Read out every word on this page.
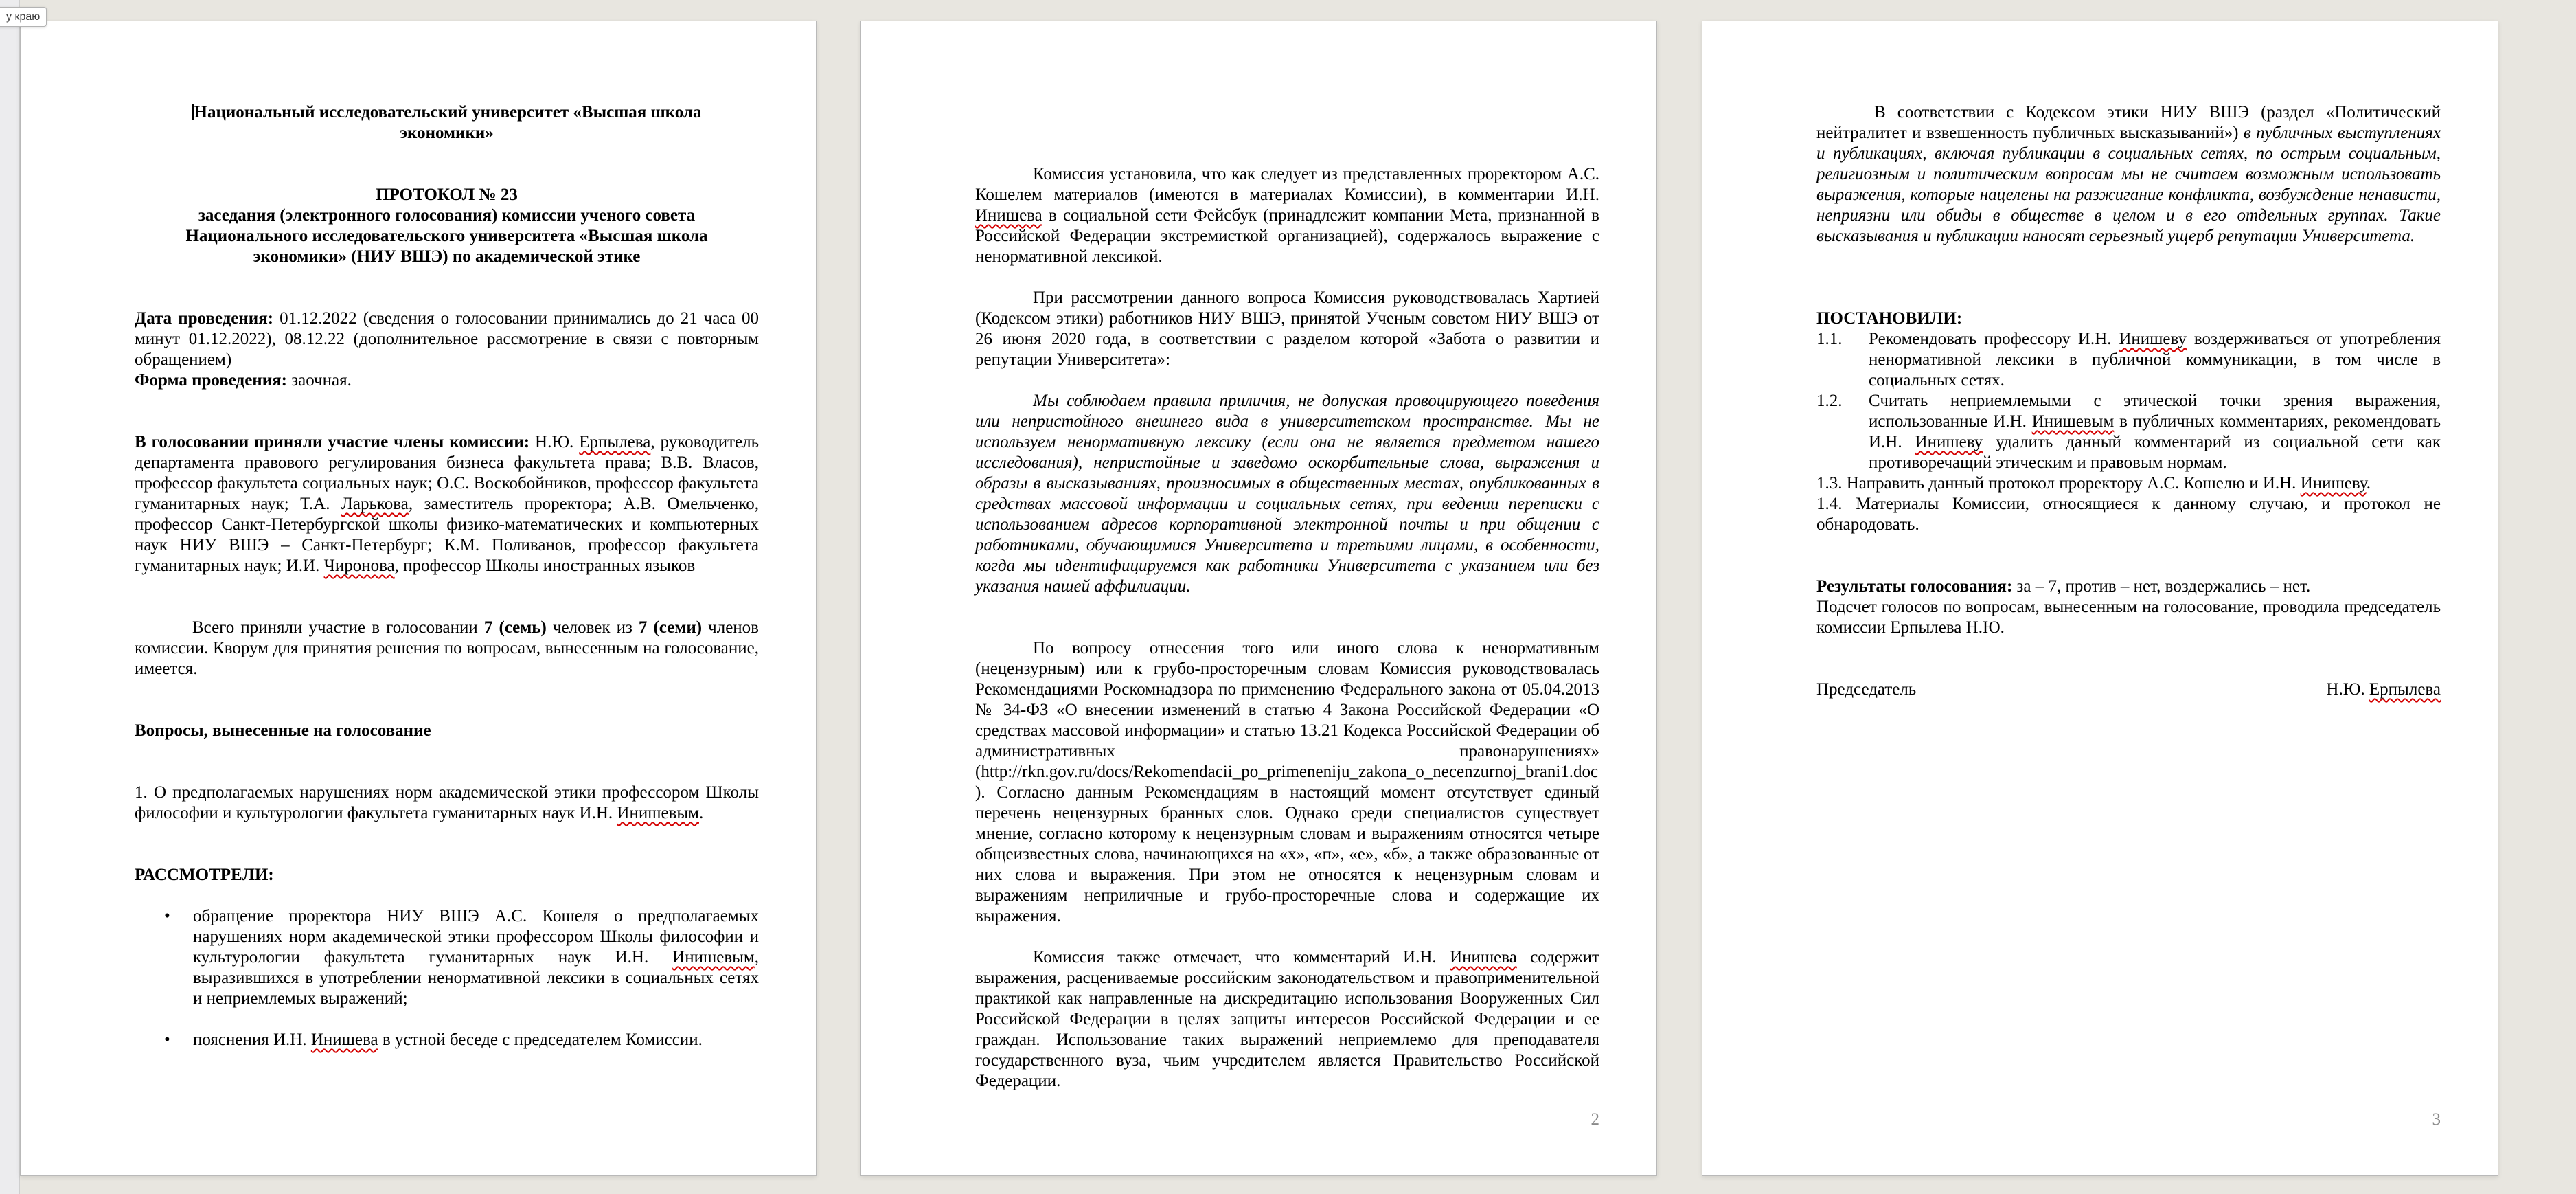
у краю
Национальный исследовательский университет «Высшая школа экономики»
ПРОТОКОЛ № 23
заседания (электронного голосования) комиссии ученого совета Национального исследовательского университета «Высшая школа экономики» (НИУ ВШЭ) по академической этике
Дата проведения: 01.12.2022 (сведения о голосовании принимались до 21 часа 00 минут 01.12.2022), 08.12.22 (дополнительное рассмотрение в связи с повторным обращением)
Форма проведения: заочная.
В голосовании приняли участие члены комиссии: Н.Ю. Ерпылева, руководитель департамента правового регулирования бизнеса факультета права; В.В. Власов, профессор факультета социальных наук; О.С. Воскобойников, профессор факультета гуманитарных наук; Т.А. Ларькова, заместитель проректора; А.В. Омельченко, профессор Санкт-Петербургской школы физико-математических и компьютерных наук НИУ ВШЭ – Санкт-Петербург; К.М. Поливанов, профессор факультета гуманитарных наук; И.И. Чиронова, профессор Школы иностранных языков
Всего приняли участие в голосовании 7 (семь) человек из 7 (семи) членов комиссии. Кворум для принятия решения по вопросам, вынесенным на голосование, имеется.
Вопросы, вынесенные на голосование
1. О предполагаемых нарушениях норм академической этики профессором Школы философии и культурологии факультета гуманитарных наук И.Н. Инишевым.
РАССМОТРЕЛИ:
• обращение проректора НИУ ВШЭ А.С. Кошеля о предполагаемых нарушениях норм академической этики профессором Школы философии и культурологии факультета гуманитарных наук И.Н. Инишевым, выразившихся в употреблении ненормативной лексики в социальных сетях и неприемлемых выражений;
• пояснения И.Н. Инишева в устной беседе с председателем Комиссии.
Комиссия установила, что как следует из представленных проректором А.С. Кошелем материалов (имеются в материалах Комиссии), в комментарии И.Н. Инишева в социальной сети Фейсбук (принадлежит компании Мета, признанной в Российской Федерации экстремисткой организацией), содержалось выражение с ненормативной лексикой.
При рассмотрении данного вопроса Комиссия руководствовалась Хартией (Кодексом этики) работников НИУ ВШЭ, принятой Ученым советом НИУ ВШЭ от 26 июня 2020 года, в соответствии с разделом которой «Забота о развитии и репутации Университета»:
Мы соблюдаем правила приличия, не допуская провоцирующего поведения или непристойного внешнего вида в университетском пространстве. Мы не используем ненормативную лексику (если она не является предметом нашего исследования), непристойные и заведомо оскорбительные слова, выражения и образы в высказываниях, произносимых в общественных местах, опубликованных в средствах массовой информации и социальных сетях, при ведении переписки с использованием адресов корпоративной электронной почты и при общении с работниками, обучающимися Университета и третьими лицами, в особенности, когда мы идентифицируемся как работники Университета с указанием или без указания нашей аффилиации.
По вопросу отнесения того или иного слова к ненормативным (нецензурным) или к грубо-просторечным словам Комиссия руководствовалась Рекомендациями Роскомнадзора по применению Федерального закона от 05.04.2013 № 34-ФЗ «О внесении изменений в статью 4 Закона Российской Федерации «О средствах массовой информации» и статью 13.21 Кодекса Российской Федерации об административных правонарушениях» (http://rkn.gov.ru/docs/Rekomendacii_po_primeneniju_zakona_o_necenzurnoj_brani1.doc). Согласно данным Рекомендациям в настоящий момент отсутствует единый перечень нецензурных бранных слов. Однако среди специалистов существует мнение, согласно которому к нецензурным словам и выражениям относятся четыре общеизвестных слова, начинающихся на «х», «п», «е», «б», а также образованные от них слова и выражения. При этом не относятся к нецензурным словам и выражениям неприличные и грубо-просторечные слова и содержащие их выражения.
Комиссия также отмечает, что комментарий И.Н. Инишева содержит выражения, расцениваемые российским законодательством и правоприменительной практикой как направленные на дискредитацию использования Вооруженных Сил Российской Федерации в целях защиты интересов Российской Федерации и ее граждан. Использование таких выражений неприемлемо для преподавателя государственного вуза, чьим учредителем является Правительство Российской Федерации.
2
В соответствии с Кодексом этики НИУ ВШЭ (раздел «Политический нейтралитет и взвешенность публичных высказываний») в публичных выступлениях и публикациях, включая публикации в социальных сетях, по острым социальным, религиозным и политическим вопросам мы не считаем возможным использовать выражения, которые нацелены на разжигание конфликта, возбуждение ненависти, неприязни или обиды в обществе в целом и в его отдельных группах. Такие высказывания и публикации наносят серьезный ущерб репутации Университета.
ПОСТАНОВИЛИ:
1.1. Рекомендовать профессору И.Н. Инишеву воздерживаться от употребления ненормативной лексики в публичной коммуникации, в том числе в социальных сетях.
1.2. Считать неприемлемыми с этической точки зрения выражения, использованные И.Н. Инишевым в публичных комментариях, рекомендовать И.Н. Инишеву удалить данный комментарий из социальной сети как противоречащий этическим и правовым нормам.
1.3. Направить данный протокол проректору А.С. Кошелю и И.Н. Инишеву.
1.4. Материалы Комиссии, относящиеся к данному случаю, и протокол не обнародовать.
Результаты голосования: за – 7, против – нет, воздержались – нет.
Подсчет голосов по вопросам, вынесенным на голосование, проводила председатель комиссии Ерпылева Н.Ю.
Председатель	Н.Ю. Ерпылева
3
